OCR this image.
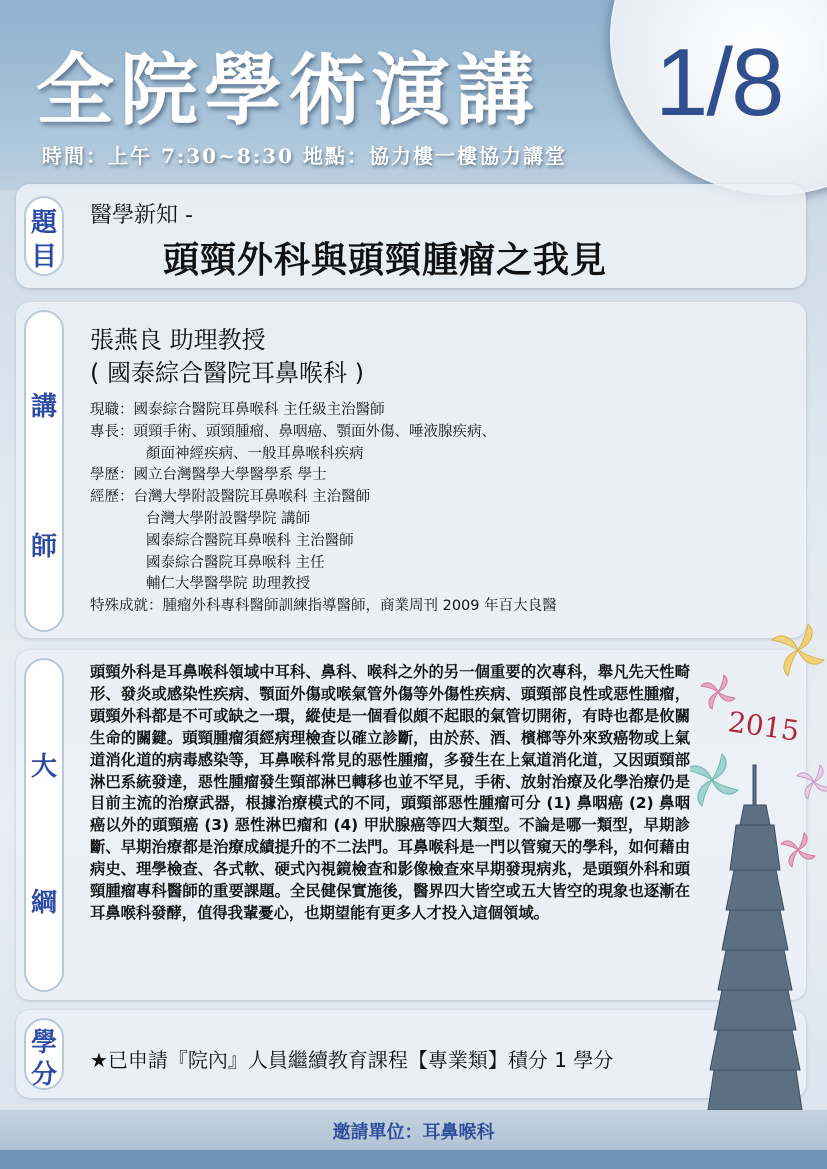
全院學術演講 1/8
時間：上午 7:30~8:30 地點：協力樓一樓協力講堂
題
目
醫學新知 -
頭頸外科與頭頸腫瘤之我見
講
師
張燕良 助理教授
( 國泰綜合醫院耳鼻喉科 )
現職：國泰綜合醫院耳鼻喉科 主任級主治醫師
專長：頭頸手術、頭頸腫瘤、鼻咽癌、顎面外傷、唾液腺疾病、
顏面神經疾病、一般耳鼻喉科疾病
學歷：國立台灣醫學大學醫學系 學士
經歷：台灣大學附設醫院耳鼻喉科 主治醫師
台灣大學附設醫學院 講師
國泰綜合醫院耳鼻喉科 主治醫師
國泰綜合醫院耳鼻喉科 主任
輔仁大學醫學院 助理教授
特殊成就：腫瘤外科專科醫師訓練指導醫師，商業周刊 2009 年百大良醫
大
綱
頭頸外科是耳鼻喉科領域中耳科、鼻科、喉科之外的另一個重要的次專科，舉凡先天性畸形、發炎或感染性疾病、顎面外傷或喉氣管外傷等外傷性疾病、頭頸部良性或惡性腫瘤，頭頸外科都是不可或缺之一環，縱使是一個看似頗不起眼的氣管切開術，有時也都是攸關生命的關鍵。頭頸腫瘤須經病理檢查以確立診斷，由於菸、酒、檳榔等外來致癌物或上氣道消化道的病毒感染等，耳鼻喉科常見的惡性腫瘤，多發生在上氣道消化道，又因頭頸部淋巴系統發達，惡性腫瘤發生頸部淋巴轉移也並不罕見，手術、放射治療及化學治療仍是目前主流的治療武器，根據治療模式的不同，頭頸部惡性腫瘤可分 (1) 鼻咽癌 (2) 鼻咽癌以外的頭頸癌 (3) 惡性淋巴瘤和 (4) 甲狀腺癌等四大類型。不論是哪一類型，早期診斷、早期治療都是治療成績提升的不二法門。耳鼻喉科是一門以管窺天的學科，如何藉由病史、理學檢查、各式軟、硬式內視鏡檢查和影像檢查來早期發現病兆，是頭頸外科和頭頸腫瘤專科醫師的重要課題。全民健保實施後，醫界四大皆空或五大皆空的現象也逐漸在耳鼻喉科發酵，值得我輩憂心，也期望能有更多人才投入這個領域。
學
分 ★已申請『院內』人員繼續教育課程【專業類】積分 1 學分
2015
邀請單位：耳鼻喉科
